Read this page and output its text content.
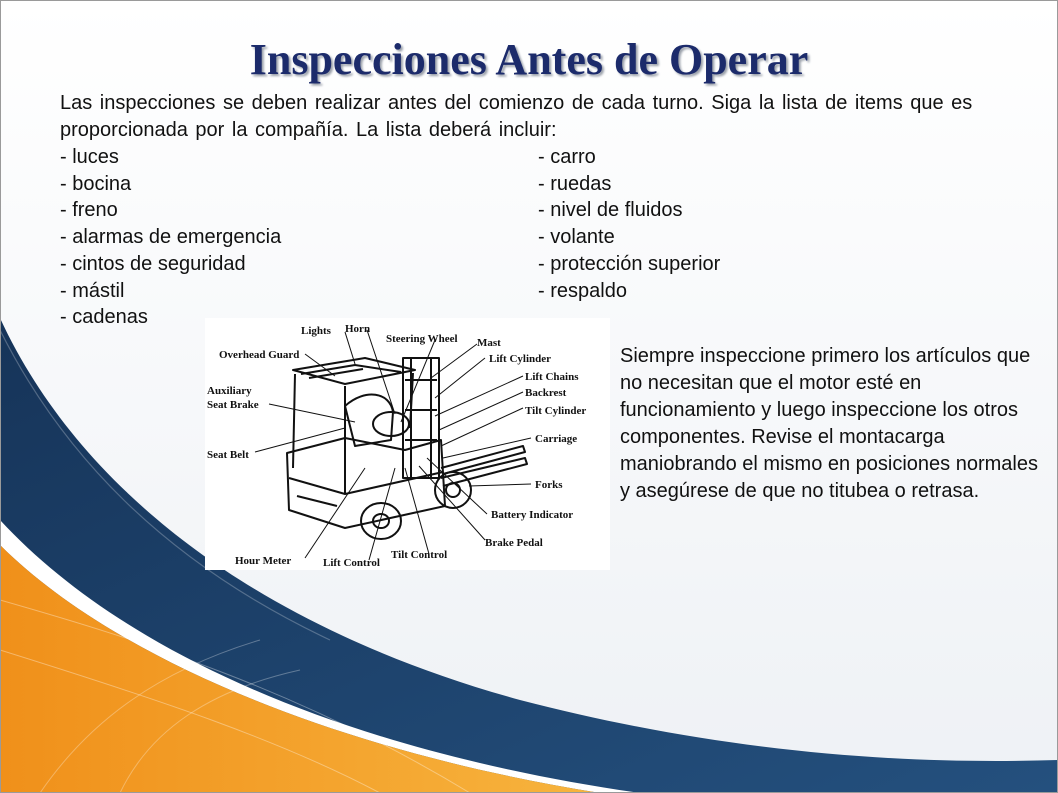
Inspecciones Antes de Operar

Las inspecciones se deben realizar antes del comienzo de cada turno. Siga la lista de items que es proporcionada por la compañía. La lista deberá incluir:

- luces
- bocina
- freno
- alarmas de emergencia
- cintos de seguridad
- mástil
- cadenas
- carro
- ruedas
- nivel de fluidos
- volante
- protección superior
- respaldo

Siempre inspeccione primero los artículos que no necesitan que el motor esté en funcionamiento y luego inspeccione los otros componentes. Revise el montacarga maniobrando el mismo en posiciones normales y asegúrese de que no titubea o retrasa.

Lights Horn
Steering Wheel Mast
Lift Cylinder
Lift Chains
Backrest
Tilt Cylinder
Carriage
Forks
Battery Indicator
Brake Pedal
Tilt Control
Lift Control
Hour Meter
Seat Belt
Auxiliary
Seat Brake
Overhead Guard
